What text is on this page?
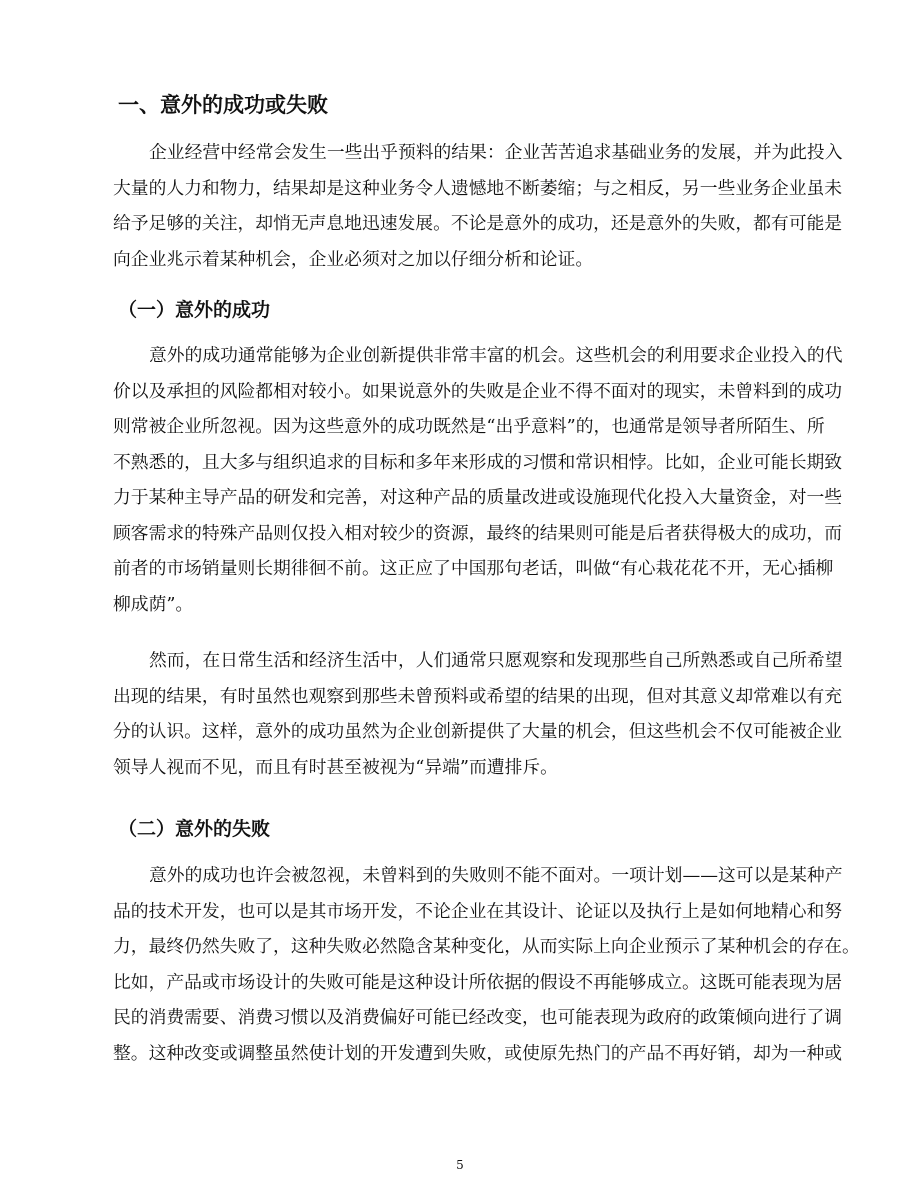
一、意外的成功或失败
企业经营中经常会发生一些出乎预料的结果：企业苦苦追求基础业务的发展，并为此投入
大量的人力和物力，结果却是这种业务令人遗憾地不断萎缩；与之相反，另一些业务企业虽未
给予足够的关注，却悄无声息地迅速发展。不论是意外的成功，还是意外的失败，都有可能是
向企业兆示着某种机会，企业必须对之加以仔细分析和论证。
（一）意外的成功
意外的成功通常能够为企业创新提供非常丰富的机会。这些机会的利用要求企业投入的代
价以及承担的风险都相对较小。如果说意外的失败是企业不得不面对的现实，未曾料到的成功
则常被企业所忽视。因为这些意外的成功既然是“出乎意料”的，也通常是领导者所陌生、所
不熟悉的，且大多与组织追求的目标和多年来形成的习惯和常识相悖。比如，企业可能长期致
力于某种主导产品的研发和完善，对这种产品的质量改进或设施现代化投入大量资金，对一些
顾客需求的特殊产品则仅投入相对较少的资源，最终的结果则可能是后者获得极大的成功，而
前者的市场销量则长期徘徊不前。这正应了中国那句老话，叫做“有心栽花花不开，无心插柳
柳成荫”。
然而，在日常生活和经济生活中，人们通常只愿观察和发现那些自己所熟悉或自己所希望
出现的结果，有时虽然也观察到那些未曾预料或希望的结果的出现，但对其意义却常难以有充
分的认识。这样，意外的成功虽然为企业创新提供了大量的机会，但这些机会不仅可能被企业
领导人视而不见，而且有时甚至被视为“异端”而遭排斥。
（二）意外的失败
意外的成功也许会被忽视，未曾料到的失败则不能不面对。一项计划——这可以是某种产
品的技术开发，也可以是其市场开发，不论企业在其设计、论证以及执行上是如何地精心和努
力，最终仍然失败了，这种失败必然隐含某种变化，从而实际上向企业预示了某种机会的存在。
比如，产品或市场设计的失败可能是这种设计所依据的假设不再能够成立。这既可能表现为居
民的消费需要、消费习惯以及消费偏好可能已经改变，也可能表现为政府的政策倾向进行了调
整。这种改变或调整虽然使计划的开发遭到失败，或使原先热门的产品不再好销，却为一种或
5
